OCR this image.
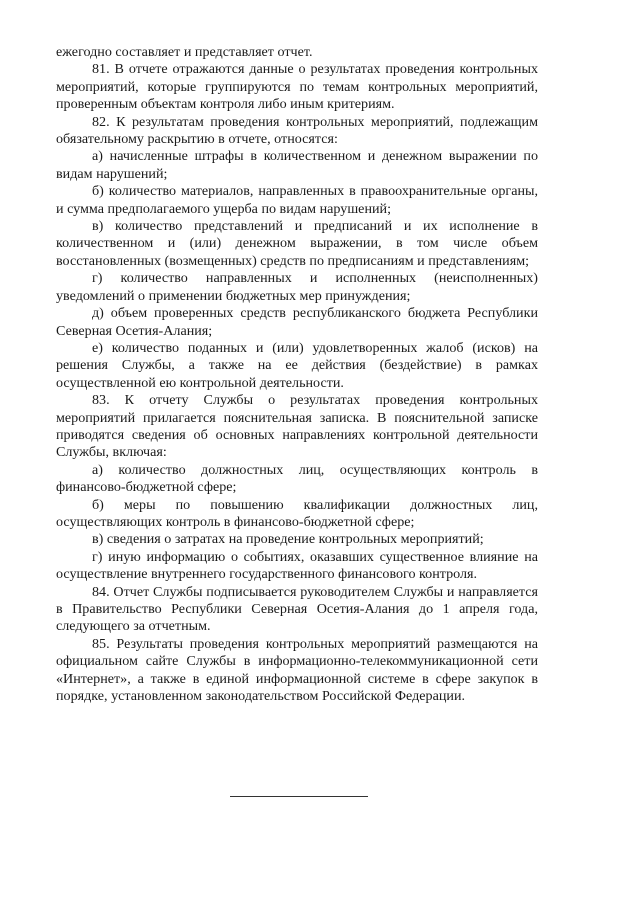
ежегодно составляет и представляет отчет.

81. В отчете отражаются данные о результатах проведения контрольных мероприятий, которые группируются по темам контрольных мероприятий, проверенным объектам контроля либо иным критериям.

82. К результатам проведения контрольных мероприятий, подлежащим обязательному раскрытию в отчете, относятся:

а) начисленные штрафы в количественном и денежном выражении по видам нарушений;

б) количество материалов, направленных в правоохранительные органы, и сумма предполагаемого ущерба по видам нарушений;

в) количество представлений и предписаний и их исполнение в количественном и (или) денежном выражении, в том числе объем восстановленных (возмещенных) средств по предписаниям и представлениям;

г) количество направленных и исполненных (неисполненных) уведомлений о применении бюджетных мер принуждения;

д) объем проверенных средств республиканского бюджета Республики Северная Осетия-Алания;

е) количество поданных и (или) удовлетворенных жалоб (исков) на решения Службы, а также на ее действия (бездействие) в рамках осуществленной ею контрольной деятельности.

83. К отчету Службы о результатах проведения контрольных мероприятий прилагается пояснительная записка. В пояснительной записке приводятся сведения об основных направлениях контрольной деятельности Службы, включая:

а) количество должностных лиц, осуществляющих контроль в финансово-бюджетной сфере;

б) меры по повышению квалификации должностных лиц, осуществляющих контроль в финансово-бюджетной сфере;

в) сведения о затратах на проведение контрольных мероприятий;

г) иную информацию о событиях, оказавших существенное влияние на осуществление внутреннего государственного финансового контроля.

84. Отчет Службы подписывается руководителем Службы и направляется в Правительство Республики Северная Осетия-Алания до 1 апреля года, следующего за отчетным.

85. Результаты проведения контрольных мероприятий размещаются на официальном сайте Службы в информационно-телекоммуникационной сети «Интернет», а также в единой информационной системе в сфере закупок в порядке, установленном законодательством Российской Федерации.
